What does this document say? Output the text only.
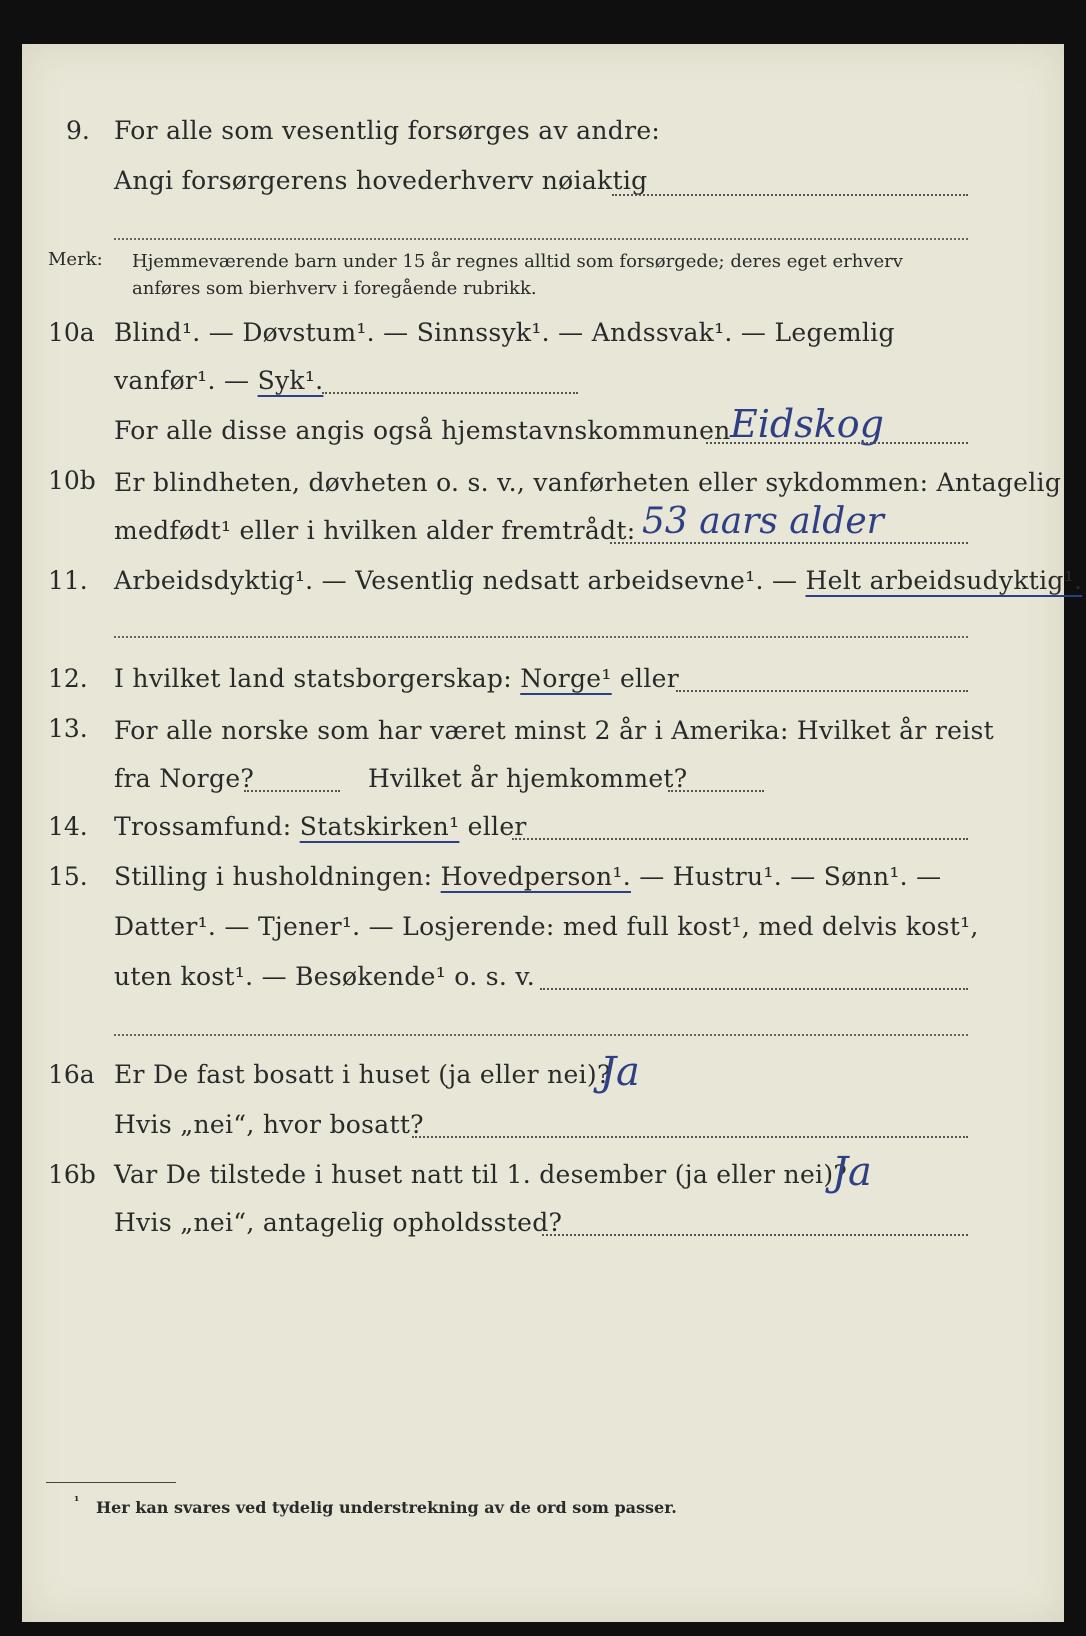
9. For alle som vesentlig forsørges av andre:
Angi forsørgerens hovederhverv nøiaktig
Merk: Hjemmeværende barn under 15 år regnes alltid som forsørgede; deres eget erhverv
anføres som bierhverv i foregående rubrikk.
10a Blind¹. — Døvstum¹. — Sinnssyk¹. — Andssvak¹. — Legemlig
vanfør¹. — Syk¹.
For alle disse angis også hjemstavnskommunen Eidskog
10b Er blindheten, døvheten o. s. v., vanførheten eller sykdommen: Antagelig
medfødt¹ eller i hvilken alder fremtrådt: 53 aars alder
11. Arbeidsdyktig¹. — Vesentlig nedsatt arbeidsevne¹. — Helt arbeidsudyktig¹.
12. I hvilket land statsborgerskap: Norge¹ eller
13. For alle norske som har været minst 2 år i Amerika: Hvilket år reist
fra Norge?	Hvilket år hjemkommet?
14. Trossamfund: Statskirken¹ eller
15. Stilling i husholdningen: Hovedperson¹. — Hustru¹. — Sønn¹. —
Datter¹. — Tjener¹. — Losjerende: med full kost¹, med delvis kost¹,
uten kost¹. — Besøkende¹ o. s. v.
16a Er De fast bosatt i huset (ja eller nei)?
Ja
Hvis „nei“, hvor bosatt?
16b Var De tilstede i huset natt til 1. desember (ja eller nei)?
Ja
Hvis „nei“, antagelig opholdssted?
¹ Her kan svares ved tydelig understrekning av de ord som passer.
